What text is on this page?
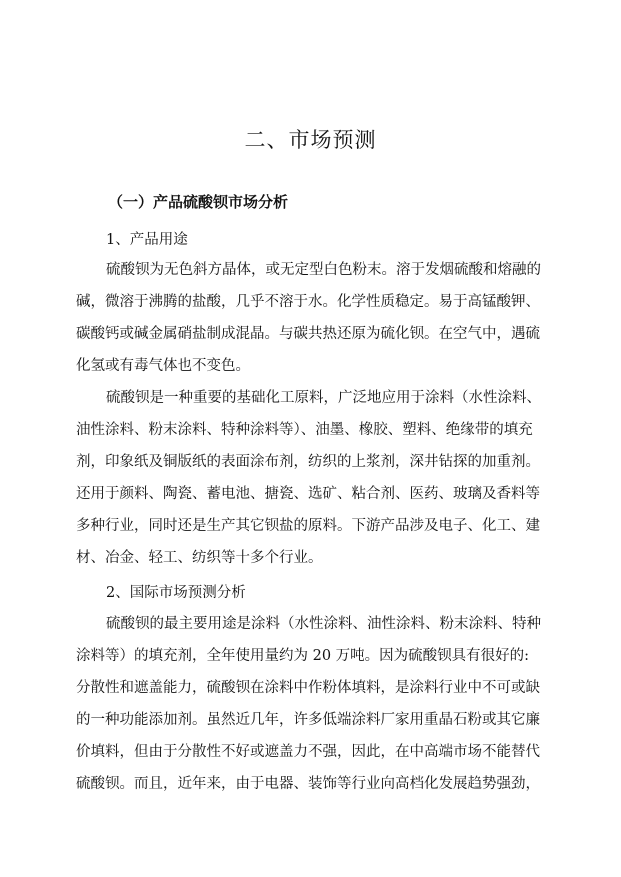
二、市场预测
（一）产品硫酸钡市场分析
1、产品用途
硫酸钡为无色斜方晶体，或无定型白色粉末。溶于发烟硫酸和熔融的
碱，微溶于沸腾的盐酸，几乎不溶于水。化学性质稳定。易于高锰酸钾、
碳酸钙或碱金属硝盐制成混晶。与碳共热还原为硫化钡。在空气中，遇硫
化氢或有毒气体也不变色。
硫酸钡是一种重要的基础化工原料，广泛地应用于涂料（水性涂料、
油性涂料、粉末涂料、特种涂料等）、油墨、橡胶、塑料、绝缘带的填充
剂，印象纸及铜版纸的表面涂布剂，纺织的上浆剂，深井钻探的加重剂。
还用于颜料、陶瓷、蓄电池、搪瓷、选矿、粘合剂、医药、玻璃及香料等
多种行业，同时还是生产其它钡盐的原料。下游产品涉及电子、化工、建
材、冶金、轻工、纺织等十多个行业。
2、国际市场预测分析
硫酸钡的最主要用途是涂料（水性涂料、油性涂料、粉末涂料、特种
涂料等）的填充剂，全年使用量约为 20 万吨。因为硫酸钡具有很好的:
分散性和遮盖能力，硫酸钡在涂料中作粉体填料，是涂料行业中不可或缺
的一种功能添加剂。虽然近几年，许多低端涂料厂家用重晶石粉或其它廉
价填料，但由于分散性不好或遮盖力不强，因此，在中高端市场不能替代
硫酸钡。而且，近年来，由于电器、装饰等行业向高档化发展趋势强劲，
